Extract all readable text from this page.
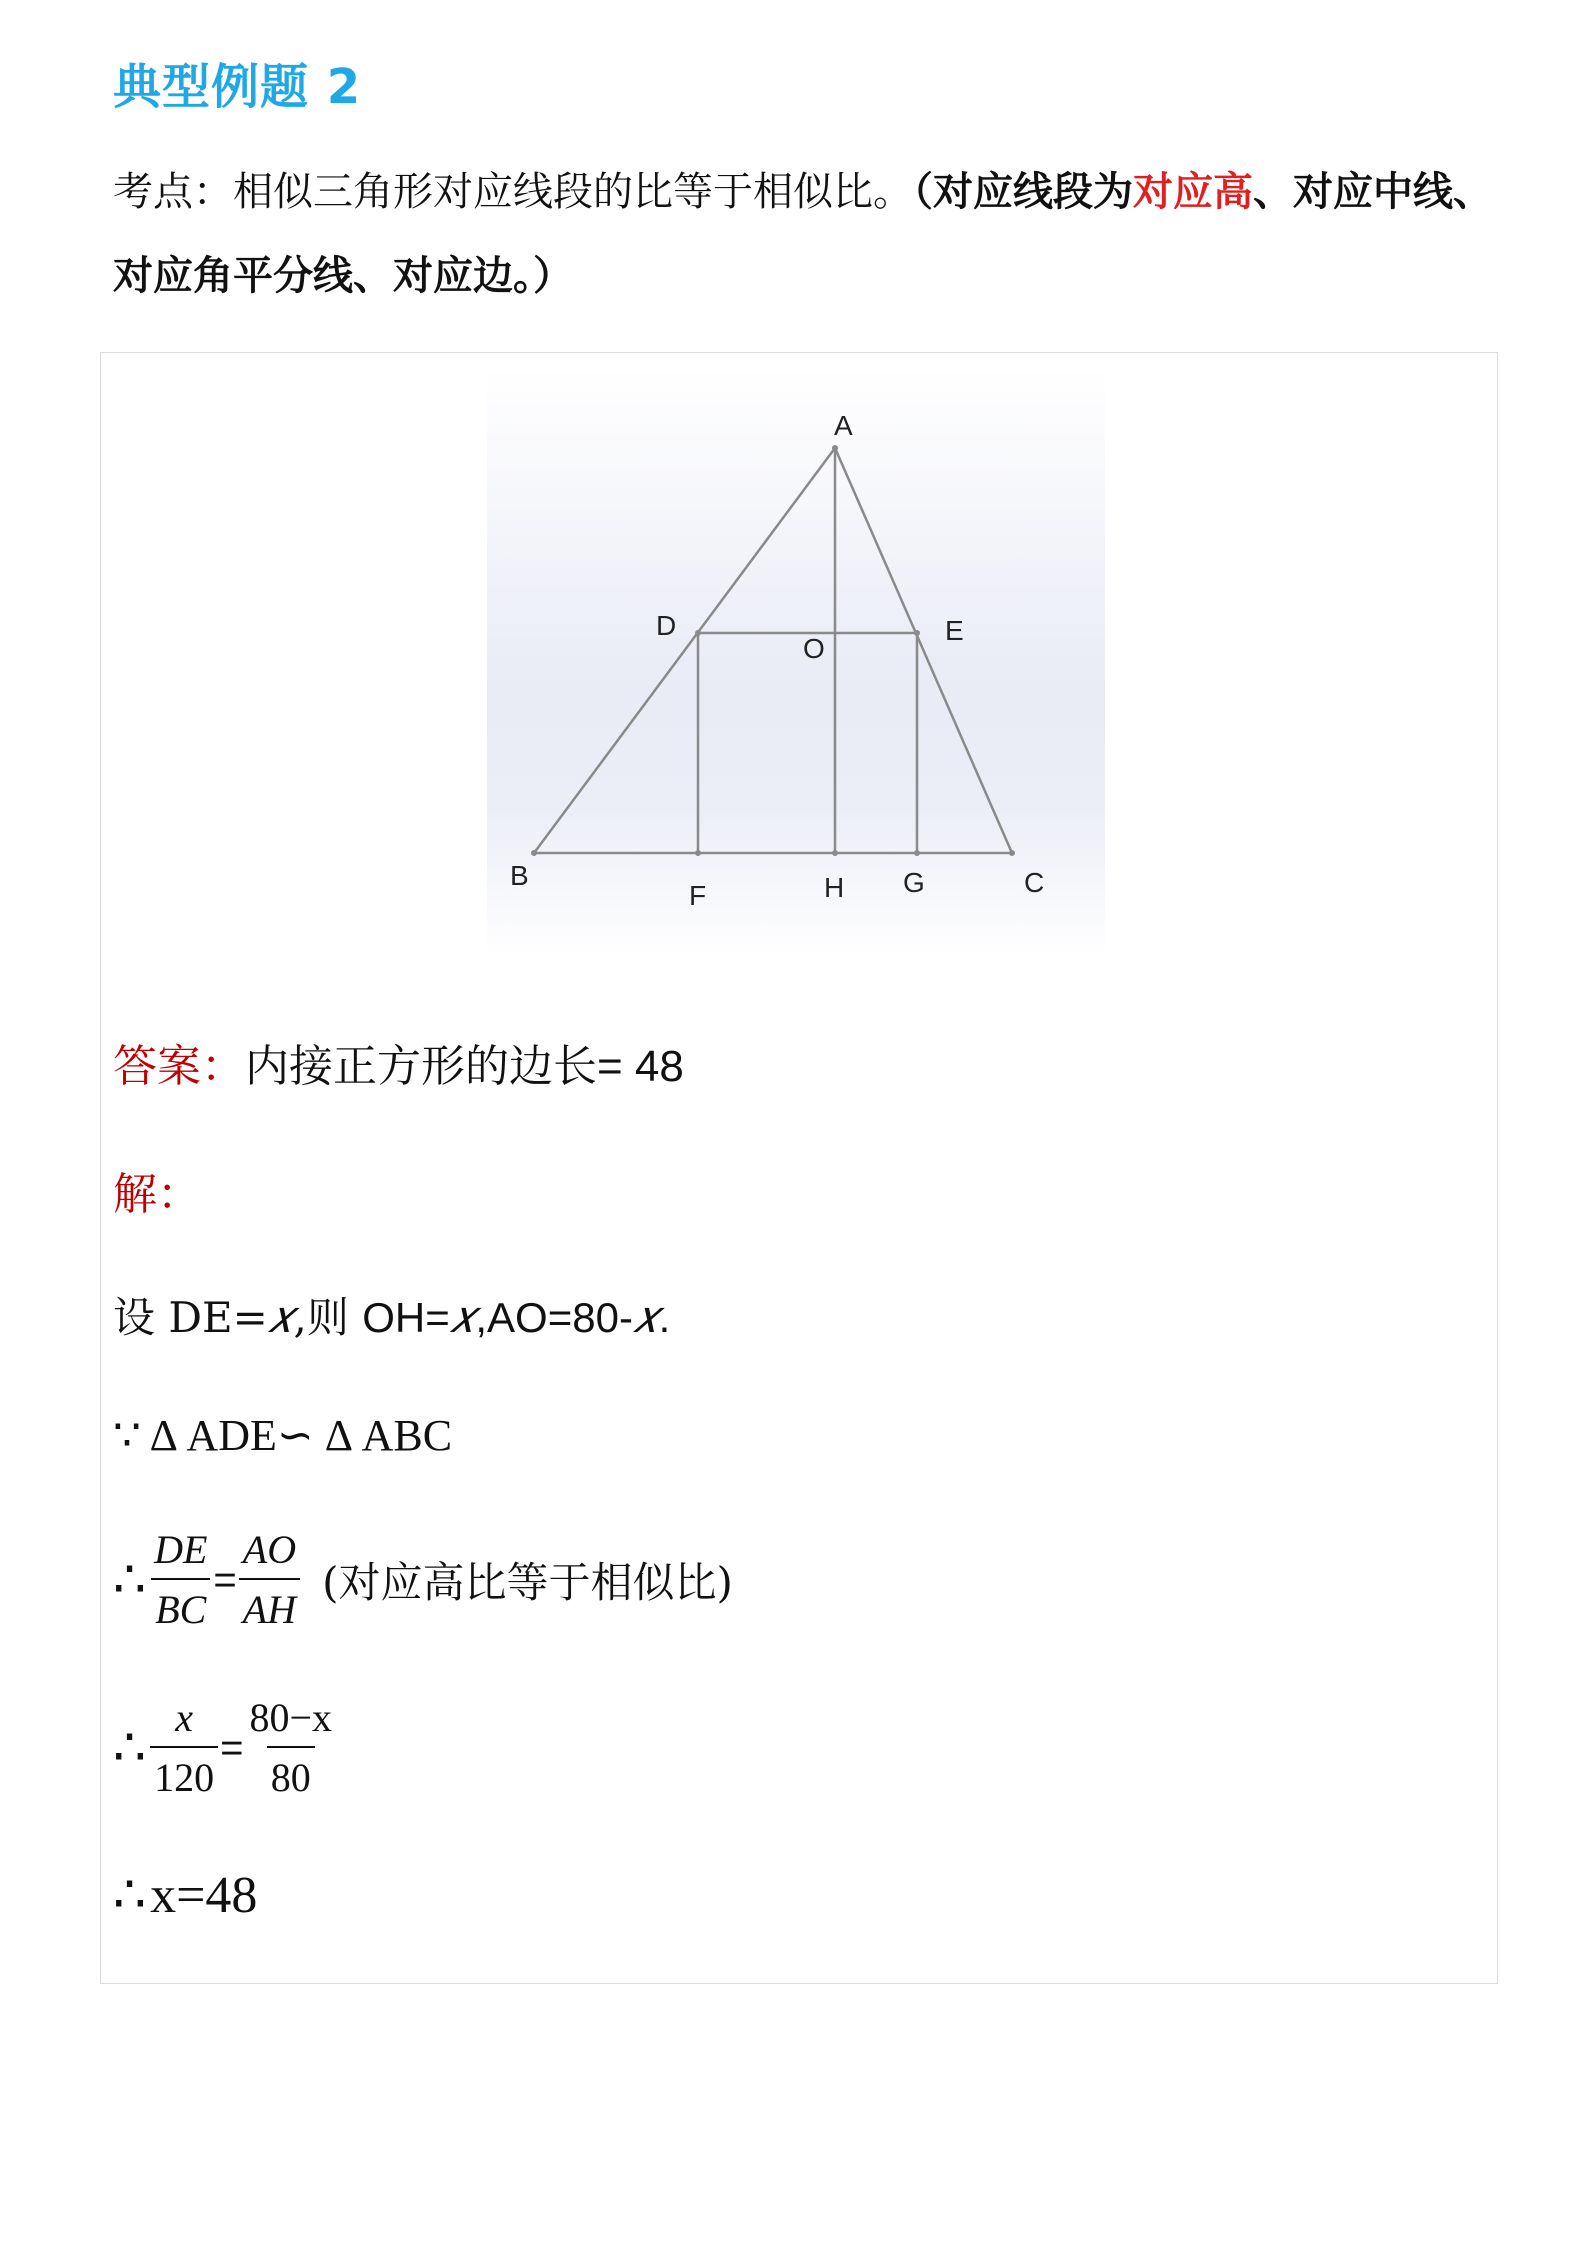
典型例题 2
考点：相似三角形对应线段的比等于相似比。（对应线段为对应高、对应中线、对应角平分线、对应边。）
A
B	C
D	E
F	G
H
O
答案：内接正方形的边长= 48
解：
设 DE=𝑥,则 OH=𝑥,AO=80-𝑥.
∵ Δ ADE∽ Δ ABC
∴ $\frac{DE}{BC} = \frac{AO}{AH}$ (对应高比等于相似比)
∴ $\frac{x}{120} = \frac{80-x}{80}$
∴x=48
